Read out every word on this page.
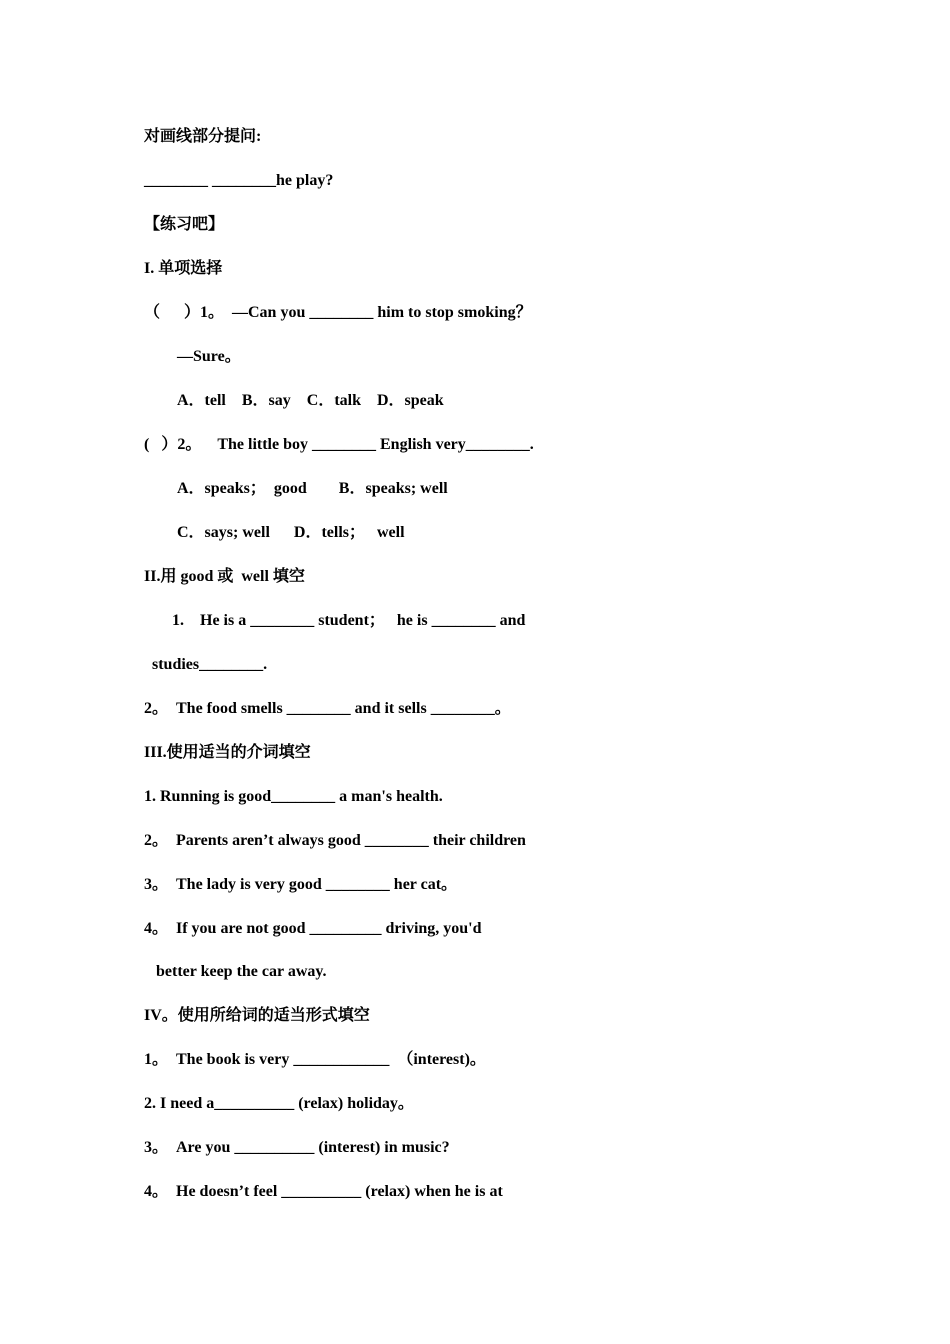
对画线部分提问:
________ ________he play?
【练习吧】
I. 单项选择
（      ）1。  —Can you ________ him to stop smoking？
—Sure。
A．tell    B．say    C．talk    D．speak
(   ）2。    The little boy ________ English very________.
A．speaks；  good        B．speaks; well
C．says; well      D．tells；   well
II.用 good 或  well 填空
1.    He is a ________ student；   he is ________ and
studies________.
2。  The food smells ________ and it sells ________。
III.使用适当的介词填空
1. Running is good________ a man's health.
2。  Parents aren’t always good ________ their children
3。  The lady is very good ________ her cat。
4。  If you are not good _________ driving, you'd
better keep the car away.
IV。使用所给词的适当形式填空
1。  The book is very ____________  （interest)。
2. I need a__________ (relax) holiday。
3。  Are you __________ (interest) in music?
4。  He doesn’t feel __________ (relax) when he is at
